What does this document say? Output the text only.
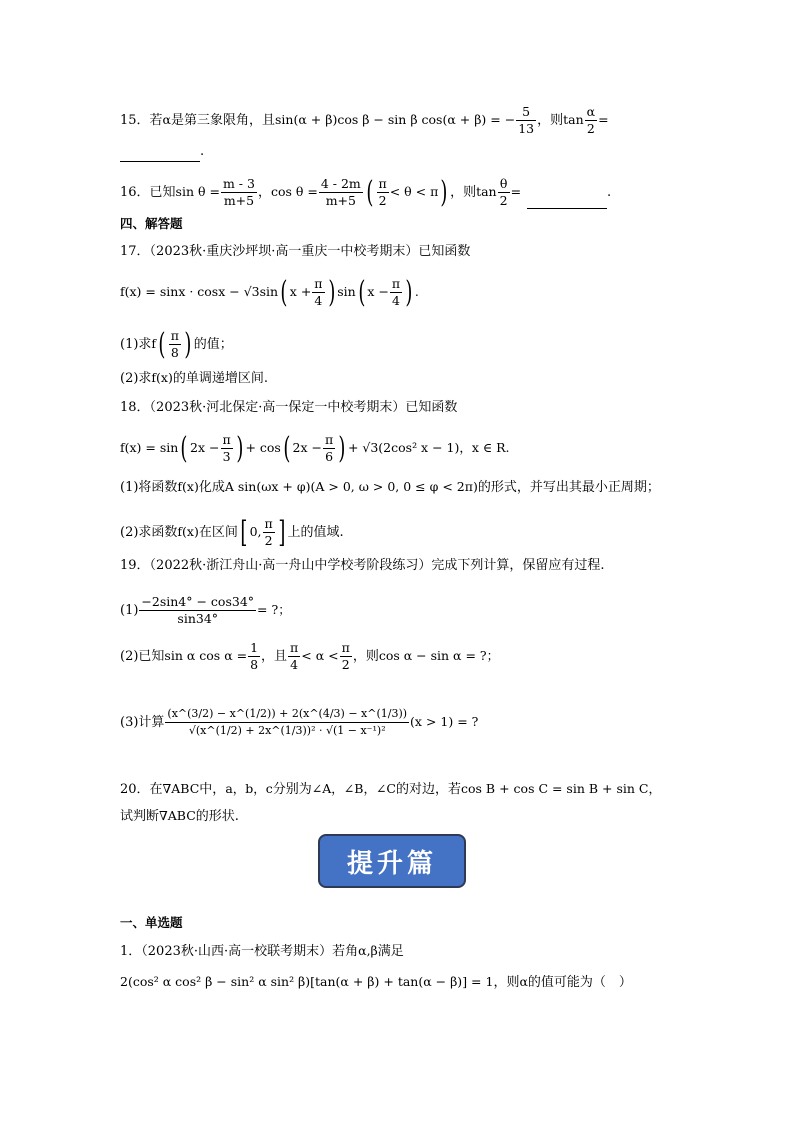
15．若α是第三象限角，且sin(α + β)cos β − sin β cos(α + β) = − $\frac{5}{13}$ ，则$\tan \frac{\alpha}{2}$ =
.
16．已知$\sin \theta = \frac{m - 3}{m+5}$ ，$\cos \theta = \frac{4 - 2m}{m+5}$ ( $\frac{\pi}{2} < \theta < \pi$) ，则$\tan \frac{\theta}{2}$ =	.
四、解答题
17．（2023秋·重庆沙坪坝·高一重庆一中校考期末）已知函数
f(x) = sinx · cosx − √3sin( $x + \frac{\pi}{4}$ ) sin( $x - \frac{\pi}{4}$ ) .
(1)求$f( \frac{\pi}{8}$ ) 的值；
(2)求f(x)的单调递增区间.
18．（2023秋·河北保定·高一保定一中校考期末）已知函数
f(x) = sin( $2x - \frac{\pi}{3}$ ) + cos( $2x - \frac{\pi}{6}$ ) + √3(2cos² x − 1)，x ∈ R.
(1)将函数f(x)化成A sin(ωx + φ)(A > 0, ω > 0, 0 ≤ φ < 2π)的形式，并写出其最小正周期；
(2)求函数f(x)在区间[ 0, $\frac{\pi}{2}$ ] 上的值域.
19．（2022秋·浙江舟山·高一舟山中学校考阶段练习）完成下列计算，保留应有过程.
$(1) \frac{-2\sin 4^\circ - \cos 34^\circ}{\sin 34^\circ}$ = ?；
(2)已知sin α $\cos \alpha = \frac{1}{8}$ ，且 $\frac{\pi}{4} < \alpha < \frac{\pi}{2}$ ，则cos α − sin α = ?；
(3)计算 $\frac{(x\^{}(3/2) - x\^{}(1/2)) + 2(x\^{}(4/3) - x\^{}(1/3))}{\text{√(x\textasciicircum{}(1/2) + 2x\textasciicircum{}(1/3))² · √(1 − x⁻¹)²}} (x > 1)$ = ?
20．在∇ABC中，a，b，c分别为∠A，∠B，∠C的对边，若cos B + cos C = sin B + sin C，
试判断∇ABC的形状.
提升篇
一、单选题
1．（2023秋·山西·高一校联考期末）若角α,β满足
2(cos² α cos² β − sin² α sin² β)[tan(α + β) + tan(α − β)] = 1，则α的值可能为（　）
